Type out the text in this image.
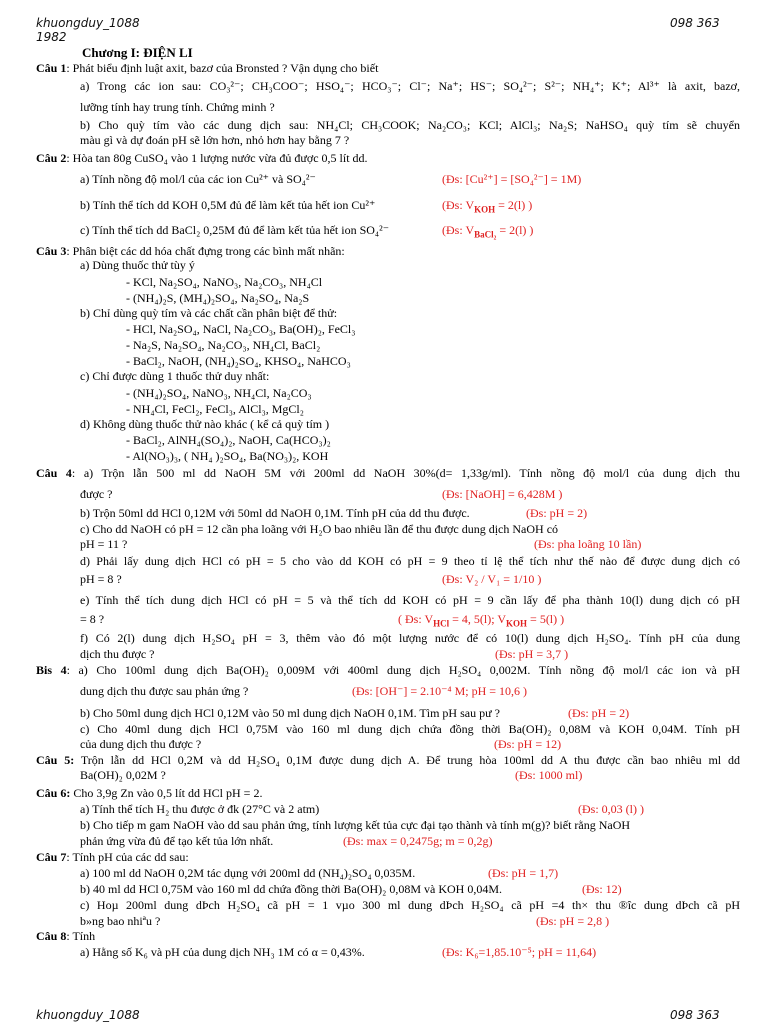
khuongduy_1088	098 363
1982
Chương I: ĐIỆN LI
Câu 1: Phát biểu định luật axit, bazơ của Bronsted ? Vận dụng cho biết
a) Trong các ion sau: CO₃²⁻; CH₃COO⁻; HSO₄⁻; HCO₃⁻; Cl⁻; Na⁺; HS⁻; SO₄²⁻; S²⁻; NH₄⁺; K⁺; Al³⁺ là axit, bazơ,
lưỡng tính hay trung tính. Chứng minh ?
b) Cho quỳ tím vào các dung dịch sau: NH₄Cl; CH₃COOK; Na₂CO₃; KCl; AlCl₃; Na₂S; NaHSO₄ quỳ tím sẽ chuyển
màu gì và dự đoán pH sẽ lớn hơn, nhỏ hơn hay bằng 7 ?
Câu 2: Hòa tan 80g CuSO₄ vào 1 lượng nước vừa đủ được 0,5 lít dd.
a) Tính nồng độ mol/l của các ion Cu²⁺ và SO₄²⁻	(Đs: [Cu²⁺] = [SO₄²⁻] = 1M)
b) Tính thể tích dd KOH 0,5M đủ để làm kết tủa hết ion Cu²⁺	(Đs: $V_{KOH} = 2(l)$ )
c) Tính thể tích dd BaCl₂ 0,25M đủ để làm kết tủa hết ion SO₄²⁻	(Đs: $V_{BaCl_2} = 2(l)$ )
Câu 3: Phân biệt các dd hóa chất đựng trong các bình mất nhãn:
a) Dùng thuốc thử tùy ý
- KCl, Na₂SO₄, NaNO₃, Na₂CO₃, NH₄Cl
- (NH₄)₂S, (MH₄)₂SO₄, Na₂SO₄, Na₂S
b) Chỉ dùng quỳ tím và các chất cần phân biệt để thử:
- HCl, Na₂SO₄, NaCl, Na₂CO₃, Ba(OH)₂, FeCl₃
- Na₂S, Na₂SO₄, Na₂CO₃, NH₄Cl, BaCl₂
- BaCl₂, NaOH, (NH₄)₂SO₄, KHSO₄, NaHCO₃
c) Chỉ được dùng 1 thuốc thử duy nhất:
- (NH₄)₂SO₄, NaNO₃, NH₄Cl, Na₂CO₃
- NH₄Cl, FeCl₂, FeCl₃, AlCl₃, MgCl₂
d) Không dùng thuốc thử nào khác ( kể cả quỳ tím )
- BaCl₂, AlNH₄(SO₄)₂, NaOH, Ca(HCO₃)₂
- Al(NO₃)₃, ( NH₄ )₂SO₄, Ba(NO₃)₂, KOH
Câu 4: a) Trộn lẫn 500 ml dd NaOH 5M với 200ml dd NaOH 30%(d= 1,33g/ml). Tính nồng độ mol/l của dung dịch thu
được ?	(Đs: [NaOH] = 6,428M )
b) Trộn 50ml dd HCl 0,12M với 50ml dd NaOH 0,1M. Tính pH của dd thu được.	(Đs: pH = 2)
c) Cho dd NaOH có pH = 12 cần pha loãng với H₂O bao nhiêu lần để thu được dung dịch NaOH có
pH = 11 ?	(Đs: pha loãng 10 lần)
d) Phải lấy dung dịch HCl có pH = 5 cho vào dd KOH có pH = 9 theo tỉ lệ thể tích như thế nào để được dung dịch có
pH = 8 ?	(Đs: V₂ / V₁ = 1/10 )
e) Tính thể tích dung dịch HCl có pH = 5 và thể tích dd KOH có pH = 9 cần lấy để pha thành 10(l) dung dịch có pH
= 8 ?	( Đs: $V_{HCl} = 4$, 5(l); $V_{KOH} = 5(l)$ )
f) Có 2(l) dung dịch H₂SO₄ pH = 3, thêm vào đó một lượng nước để có 10(l) dung dịch H₂SO₄. Tính pH của dung
dịch thu được ?	(Đs: pH = 3,7 )
Bis 4: a) Cho 100ml dung dịch Ba(OH)₂ 0,009M với 400ml dung dịch H₂SO₄ 0,002M. Tính nồng độ mol/l các ion và pH
dung dịch thu được sau phản ứng ?	(Đs: [OH⁻] = 2.10⁻⁴ M; pH = 10,6 )
b) Cho 50ml dung dịch HCl 0,12M vào 50 ml dung dịch NaOH 0,1M. Tìm pH sau pư ?	(Đs: pH = 2)
c) Cho 40ml dung dịch HCl 0,75M vào 160 ml dung dịch chứa đồng thời Ba(OH)₂ 0,08M và KOH 0,04M. Tính pH
của dung dịch thu được ?	(Đs: pH = 12)
Câu 5: Trộn lẫn dd HCl 0,2M và dd H₂SO₄ 0,1M được dung dịch A. Để trung hòa 100ml dd A thu được cần bao nhiêu ml dd
Ba(OH)₂ 0,02M ?	(Đs: 1000 ml)
Câu 6: Cho 3,9g Zn vào 0,5 lít dd HCl pH = 2.
a) Tính thể tích H₂ thu được ở đk (27°C và 2 atm)	(Đs: 0,03 (l) )
b) Cho tiếp m gam NaOH vào dd sau phản ứng, tính lượng kết tủa cực đại tạo thành và tính m(g)? biết rằng NaOH
phản ứng vừa đủ để tạo kết tủa lớn nhất.	(Đs: max = 0,2475g; m = 0,2g)
Câu 7: Tính pH của các dd sau:
a) 100 ml dd NaOH 0,2M tác dụng với 200ml dd (NH₄)₂SO₄ 0,035M.	(Đs: pH = 1,7)
b) 40 ml dd HCl 0,75M vào 160 ml dd chứa đồng thời Ba(OH)₂ 0,08M và KOH 0,04M.	(Đs: 12)
c) Hoµ 200ml dung dÞch H₂SO₄ cã pH = 1 vµo 300 ml dung dÞch H₂SO₄ cã pH =4 th× thu ®îc dung dÞch cã pH
b»ng bao nhiªu ?	(Đs: pH = 2,8 )
Câu 8: Tính
a) Hằng số K₆ và pH của dung dịch NH₃ 1M có α = 0,43%.	(Đs: K₆=1,85.10⁻⁵; pH = 11,64)
khuongduy_1088	098 363
